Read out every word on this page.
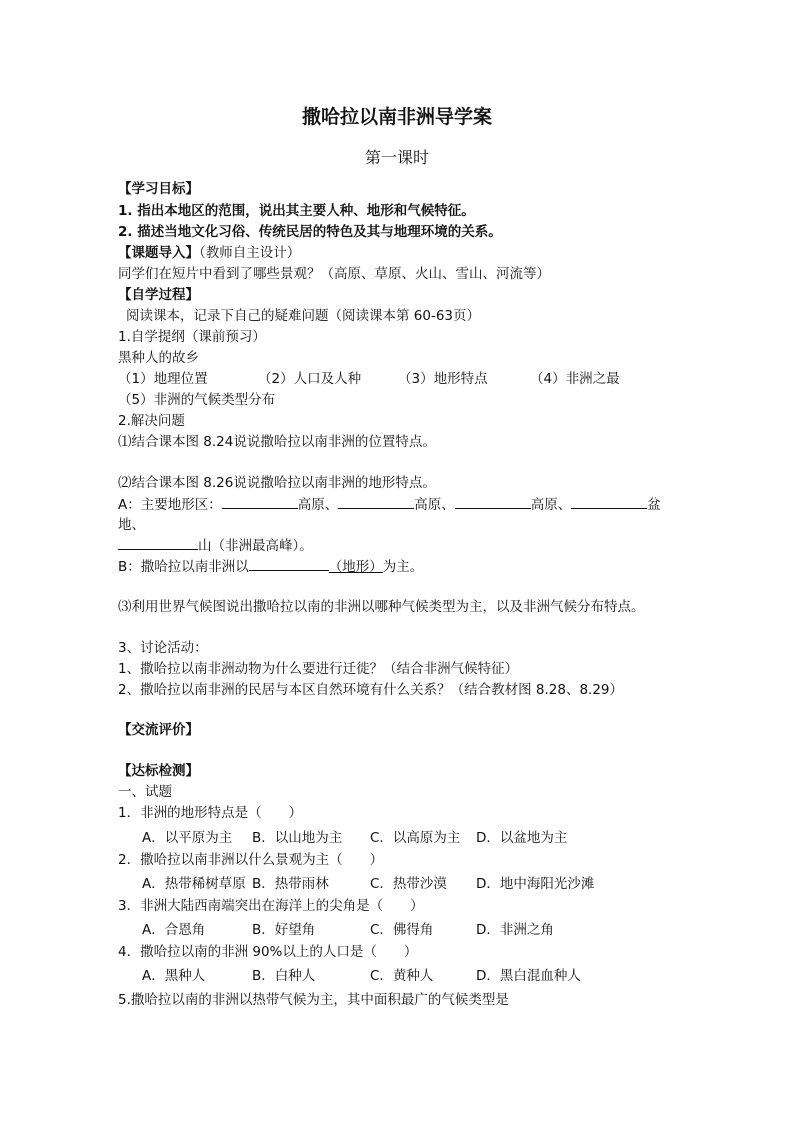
撒哈拉以南非洲导学案
第一课时
【学习目标】
1. 指出本地区的范围，说出其主要人种、地形和气候特征。
2. 描述当地文化习俗、传统民居的特色及其与地理环境的关系。
【课题导入】（教师自主设计）
同学们在短片中看到了哪些景观？（高原、草原、火山、雪山、河流等）
【自学过程】
阅读课本，记录下自己的疑难问题（阅读课本第 60-63页）
1.自学提纲（课前预习）
黑种人的故乡
（1）地理位置	（2）人口及人种	（3）地形特点	（4）非洲之最
（5）非洲的气候类型分布
2.解决问题
⑴结合课本图 8.24说说撒哈拉以南非洲的位置特点。
⑵结合课本图 8.26说说撒哈拉以南非洲的地形特点。
A：主要地形区：	高原、	高原、	高原、	盆
地、
山（非洲最高峰）。
B：撒哈拉以南非洲以	（地形）为主。
⑶利用世界气候图说出撒哈拉以南的非洲以哪种气候类型为主，以及非洲气候分布特点。
3、讨论活动：
1、撒哈拉以南非洲动物为什么要进行迁徙？（结合非洲气候特征）
2、撒哈拉以南非洲的民居与本区自然环境有什么关系？（结合教材图 8.28、8.29）
【交流评价】
【达标检测】
一、试题
1．非洲的地形特点是（　　）
A．以平原为主 B．以山地为主 C．以高原为主 D．以盆地为主
2．撒哈拉以南非洲以什么景观为主（　　）
A．热带稀树草原 B．热带雨林	C．热带沙漠 D．地中海阳光沙滩
3．非洲大陆西南端突出在海洋上的尖角是（　　）
A．合恩角	B．好望角	C．佛得角	D．非洲之角
4．撒哈拉以南的非洲 90%以上的人口是（　　）
A．黑种人	B．白种人	C．黄种人	D．黑白混血种人
5.撒哈拉以南的非洲以热带气候为主，其中面积最广的气候类型是
